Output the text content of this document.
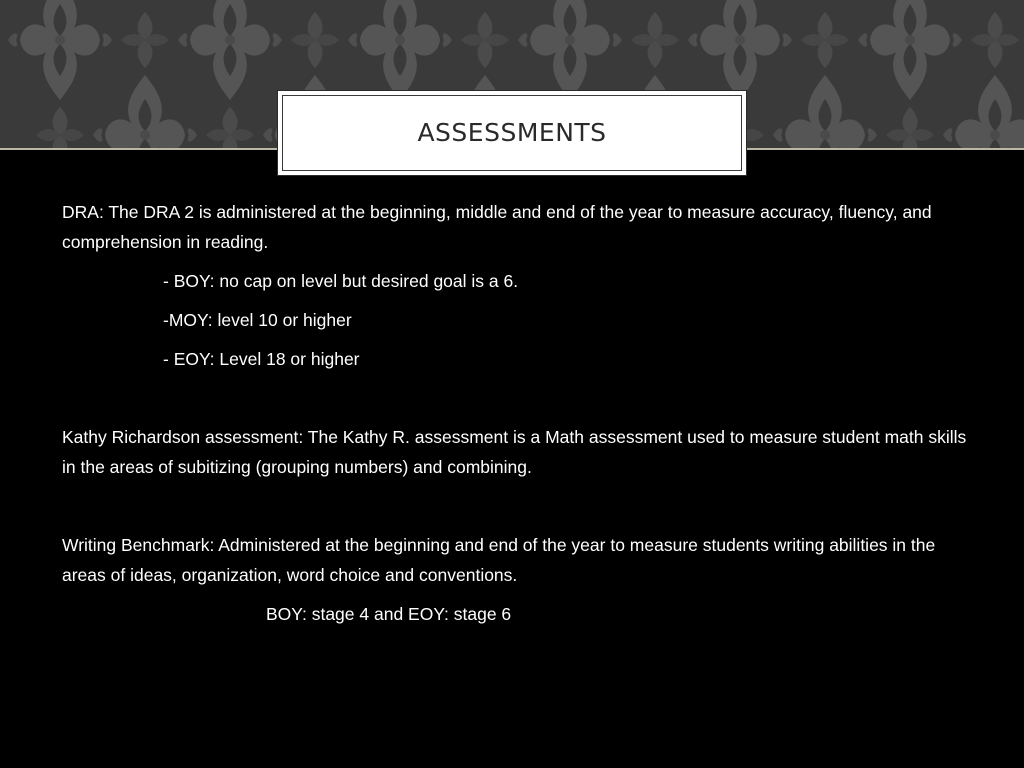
ASSESSMENTS

DRA: The DRA 2 is administered at the beginning, middle and end of the year to measure accuracy, fluency, and comprehension in reading.

- BOY: no cap on level but desired goal is a 6.
-MOY: level 10 or higher
- EOY: Level 18 or higher

Kathy Richardson assessment: The Kathy R. assessment is a Math assessment used to measure student math skills in the areas of subitizing (grouping numbers) and combining.

Writing Benchmark: Administered at the beginning and end of the year to measure students writing abilities in the areas of ideas, organization, word choice and conventions.

BOY: stage 4 and EOY: stage 6
